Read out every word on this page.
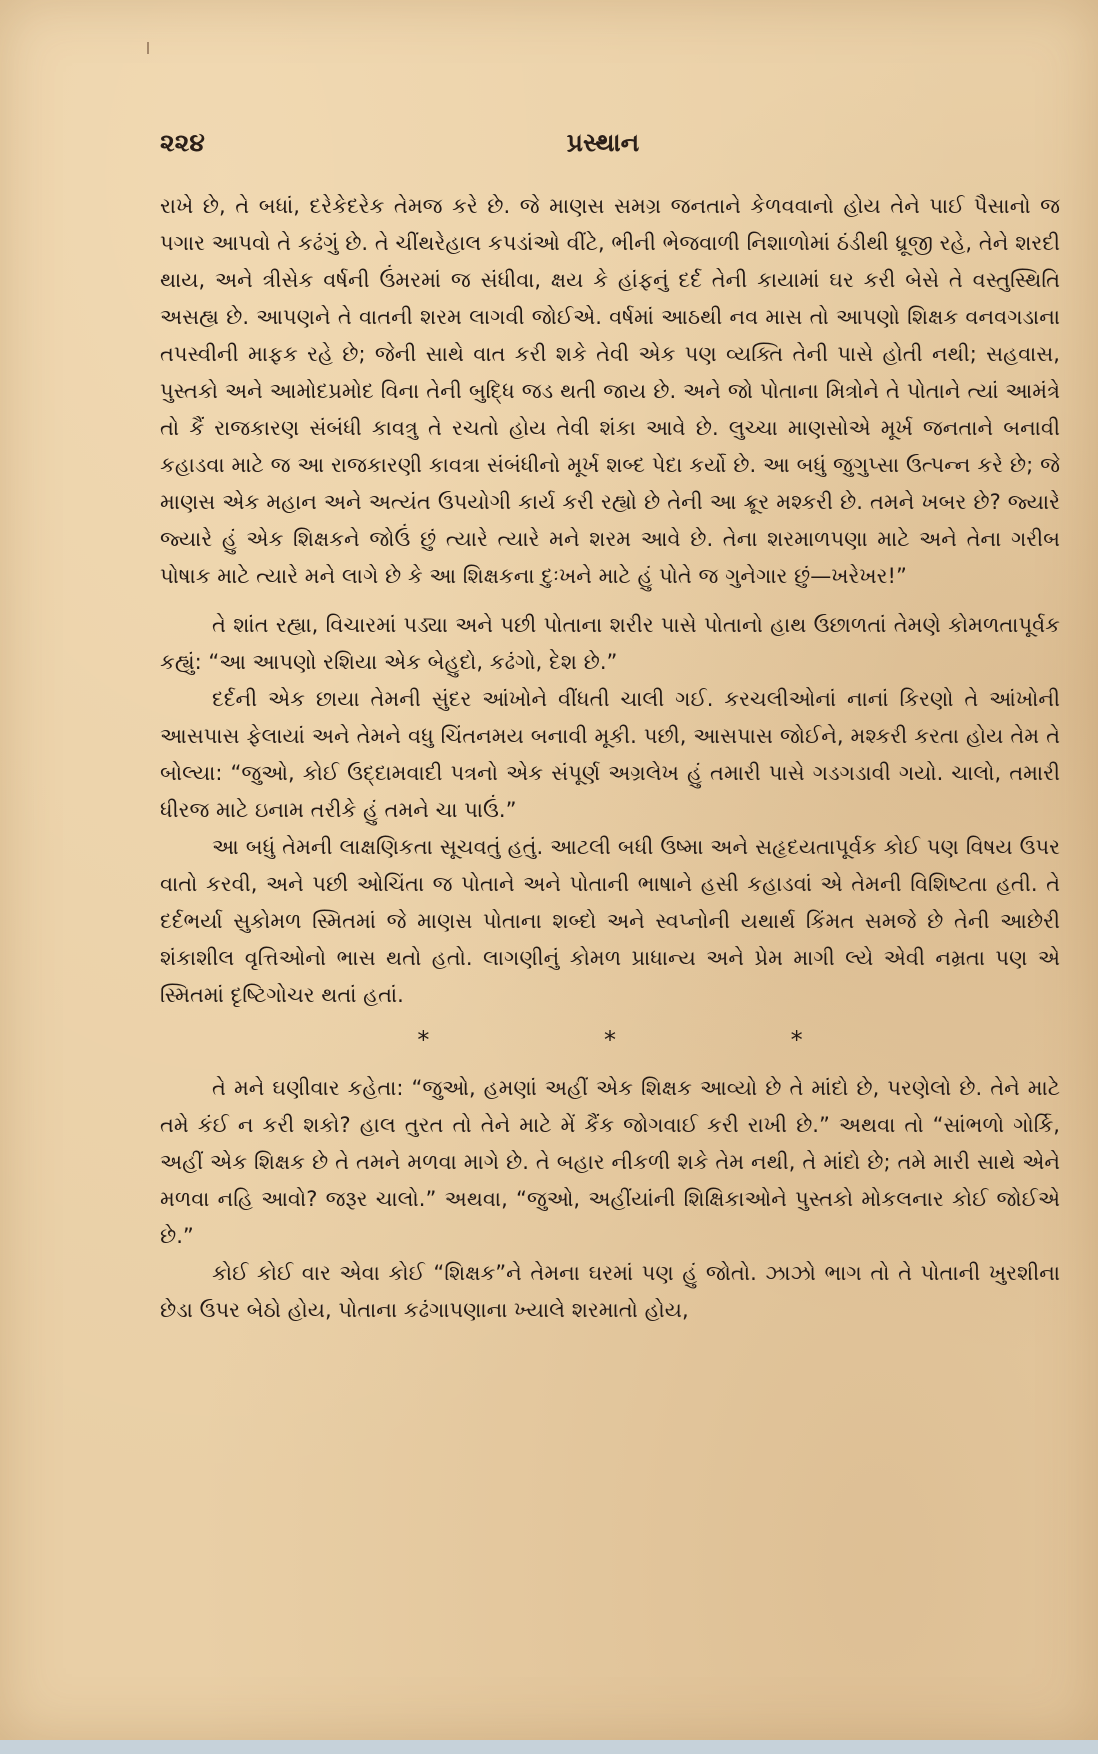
૨૨૪	પ્રસ્થાન

રાખે છે, તે બધાં, દરેકેદરેક તેમજ કરે છે. જે માણસ સમગ્ર જનતાને કેળવવાનો હોય તેને પાઈ પૈસાનો જ પગાર આપવો તે કઢંગું છે. તે ચીંથરેહાલ કપડાંઓ વીંટે, ભીની ભેજવાળી નિશાળોમાં ઠંડીથી ધ્રૂજી રહે, તેને શરદી થાય, અને ત્રીસેક વર્ષની ઉંમરમાં જ સંધીવા, ક્ષય કે હાંફનું દર્દ તેની કાયામાં ઘર કરી બેસે તે વસ્તુસ્થિતિ અસહ્ય છે. આપણને તે વાતની શરમ લાગવી જોઈએ. વર્ષમાં આઠથી નવ માસ તો આપણો શિક્ષક વનવગડાના તપસ્વીની માફક રહે છે; જેની સાથે વાત કરી શકે તેવી એક પણ વ્યક્તિ તેની પાસે હોતી નથી; સહવાસ, પુસ્તકો અને આમોદપ્રમોદ વિના તેની બુદ્ધિ જડ થતી જાય છે. અને જો પોતાના મિત્રોને તે પોતાને ત્યાં આમંત્રે તો કૈં રાજકારણ સંબંધી કાવત્રુ તે રચતો હોય તેવી શંકા આવે છે. લુચ્ચા માણસોએ મૂર્ખ જનતાને બનાવી કહાડવા માટે જ આ રાજકારણી કાવત્રા સંબંધીનો મૂર્ખ શબ્દ પેદા કર્યો છે. આ બધું જુગુપ્સા ઉત્પન્ન કરે છે; જે માણસ એક મહાન અને અત્યંત ઉપયોગી કાર્ય કરી રહ્યો છે તેની આ ક્રૂર મશ્કરી છે. તમને ખબર છે? જ્યારે જ્યારે હું એક શિક્ષકને જોઉં છું ત્યારે ત્યારે મને શરમ આવે છે. તેના શરમાળપણા માટે અને તેના ગરીબ પોષાક માટે ત્યારે મને લાગે છે કે આ શિક્ષકના દુઃખને માટે હું પોતે જ ગુનેગાર છું—ખરેખર!”

તે શાંત રહ્યા, વિચારમાં પડ્યા અને પછી પોતાના શરીર પાસે પોતાનો હાથ ઉછાળતાં તેમણે કોમળતાપૂર્વક કહ્યું: “આ આપણો રશિયા એક બેહુદો, કઢંગો, દેશ છે.”

દર્દની એક છાયા તેમની સુંદર આંખોને વીંધતી ચાલી ગઈ. કરચલીઓનાં નાનાં કિરણો તે આંખોની આસપાસ ફેલાયાં અને તેમને વધુ ચિંતનમય બનાવી મૂકી. પછી, આસપાસ જોઈને, મશ્કરી કરતા હોય તેમ તે બોલ્યા: “જુઓ, કોઈ ઉદ્દામવાદી પત્રનો એક સંપૂર્ણ અગ્રલેખ હું તમારી પાસે ગડગડાવી ગયો. ચાલો, તમારી ધીરજ માટે ઇનામ તરીકે હું તમને ચા પાઉં.”

આ બધું તેમની લાક્ષણિકતા સૂચવતું હતું. આટલી બધી ઉષ્મા અને સહૃદયતાપૂર્વક કોઈ પણ વિષય ઉપર વાતો કરવી, અને પછી ઓચિંતા જ પોતાને અને પોતાની ભાષાને હસી કહાડવાં એ તેમની વિશિષ્ટતા હતી. તે દર્દભર્યા સુકોમળ સ્મિતમાં જે માણસ પોતાના શબ્દો અને સ્વપ્નોની યથાર્થ કિંમત સમજે છે તેની આછેરી શંકાશીલ વૃત્તિઓનો ભાસ થતો હતો. લાગણીનું કોમળ પ્રાધાન્ય અને પ્રેમ માગી લ્યે એવી નમ્રતા પણ એ સ્મિતમાં દૃષ્ટિગોચર થતાં હતાં.

*	*	*

તે મને ઘણીવાર કહેતા: “જુઓ, હમણાં અહીં એક શિક્ષક આવ્યો છે તે માંદો છે, પરણેલો છે. તેને માટે તમે કંઈ ન કરી શકો? હાલ તુરત તો તેને માટે મેં કૈંક જોગવાઈ કરી રાખી છે.” અથવા તો “સાંભળો ગોર્કિ, અહીં એક શિક્ષક છે તે તમને મળવા માગે છે. તે બહાર નીકળી શકે તેમ નથી, તે માંદો છે; તમે મારી સાથે એને મળવા નહિ આવો? જરૂર ચાલો.” અથવા, “જુઓ, અહીંયાંની શિક્ષિકાઓને પુસ્તકો મોકલનાર કોઈ જોઈએ છે.”

કોઈ કોઈ વાર એવા કોઈ “શિક્ષક”ને તેમના ઘરમાં પણ હું જોતો. ઝાઝો ભાગ તો તે પોતાની ખુરશીના છેડા ઉપર બેઠો હોય, પોતાના કઢંગાપણાના ખ્યાલે શરમાતો હોય,
